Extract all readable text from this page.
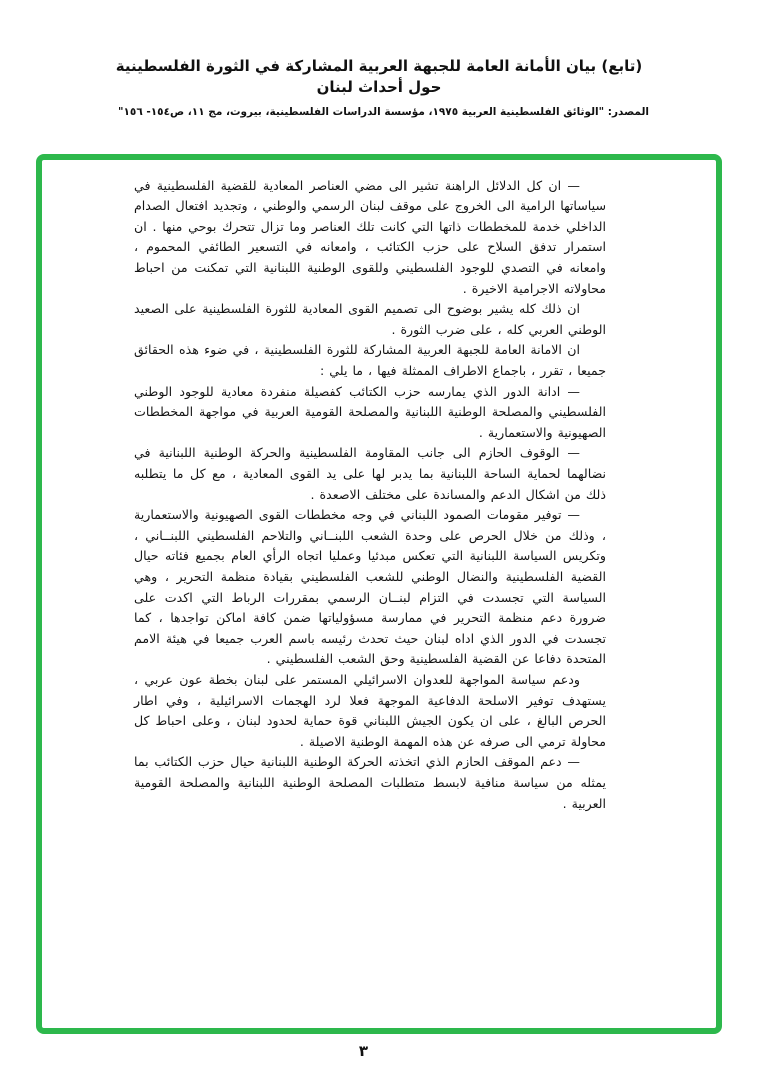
(تابع) بيان الأمانة العامة للجبهة العربية المشاركة في الثورة الفلسطينية حول أحداث لبنان
المصدر: "الوثائق الفلسطينية العربية ١٩٧٥، مؤسسة الدراسات الفلسطينية، بيروت، مج ١١، ص١٥٤- ١٥٦"

— ان كل الدلائل الراهنة تشير الى مضي العناصر المعادية للقضية الفلسطينية في سياساتها الرامية الى الخروج على موقف لبنان الرسمي والوطني ، وتجديد افتعال الصدام الداخلي خدمة للمخططات ذاتها التي كانت تلك العناصر وما تزال تتحرك بوحي منها . ان استمرار تدفق السلاح على حزب الكتائب ، وامعانه في التسعير الطائفي المحموم ، وامعانه في التصدي للوجود الفلسطيني وللقوى الوطنية اللبنانية التي تمكنت من احباط محاولاته الاجرامية الاخيرة .

ان ذلك كله يشير بوضوح الى تصميم القوى المعادية للثورة الفلسطينية على الصعيد الوطني العربي كله ، على ضرب الثورة .

ان الامانة العامة للجبهة العربية المشاركة للثورة الفلسطينية ، في ضوء هذه الحقائق جميعا ، تقرر ، باجماع الاطراف الممثلة فيها ، ما يلي :

— ادانة الدور الذي يمارسه حزب الكتائب كفصيلة منفردة معادية للوجود الوطني الفلسطيني والمصلحة الوطنية اللبنانية والمصلحة القومية العربية في مواجهة المخططات الصهيونية والاستعمارية .

— الوقوف الحازم الى جانب المقاومة الفلسطينية والحركة الوطنية اللبنانية في نضالهما لحماية الساحة اللبنانية بما يدبر لها على يد القوى المعادية ، مع كل ما يتطلبه ذلك من اشكال الدعم والمساندة على مختلف الاصعدة .

— توفير مقومات الصمود اللبناني في وجه مخططات القوى الصهيونية والاستعمارية ، وذلك من خلال الحرص على وحدة الشعب اللبنــاني والتلاحم الفلسطيني اللبنــاني ، وتكريس السياسة اللبنانية التي تعكس مبدئيا وعمليا اتجاه الرأي العام بجميع فئاته حيال القضية الفلسطينية والنضال الوطني للشعب الفلسطيني بقيادة منظمة التحرير ، وهي السياسة التي تجسدت في التزام لبنــان الرسمي بمقررات الرباط التي اكدت على ضرورة دعم منظمة التحرير في ممارسة مسؤولياتها ضمن كافة اماكن تواجدها ، كما تجسدت في الدور الذي اداه لبنان حيث تحدث رئيسه باسم العرب جميعا في هيئة الامم المتحدة دفاعا عن القضية الفلسطينية وحق الشعب الفلسطيني .

ودعم سياسة المواجهة للعدوان الاسرائيلي المستمر على لبنان بخطة عون عربي ، يستهدف توفير الاسلحة الدفاعية الموجهة فعلا لرد الهجمات الاسرائيلية ، وفي اطار الحرص البالغ ، على ان يكون الجيش اللبناني قوة حماية لحدود لبنان ، وعلى احباط كل محاولة ترمي الى صرفه عن هذه المهمة الوطنية الاصيلة .

— دعم الموقف الحازم الذي اتخذته الحركة الوطنية اللبنانية حيال حزب الكتائب بما يمثله من سياسة منافية لابسط متطلبات المصلحة الوطنية اللبنانية والمصلحة القومية العربية .

٣
